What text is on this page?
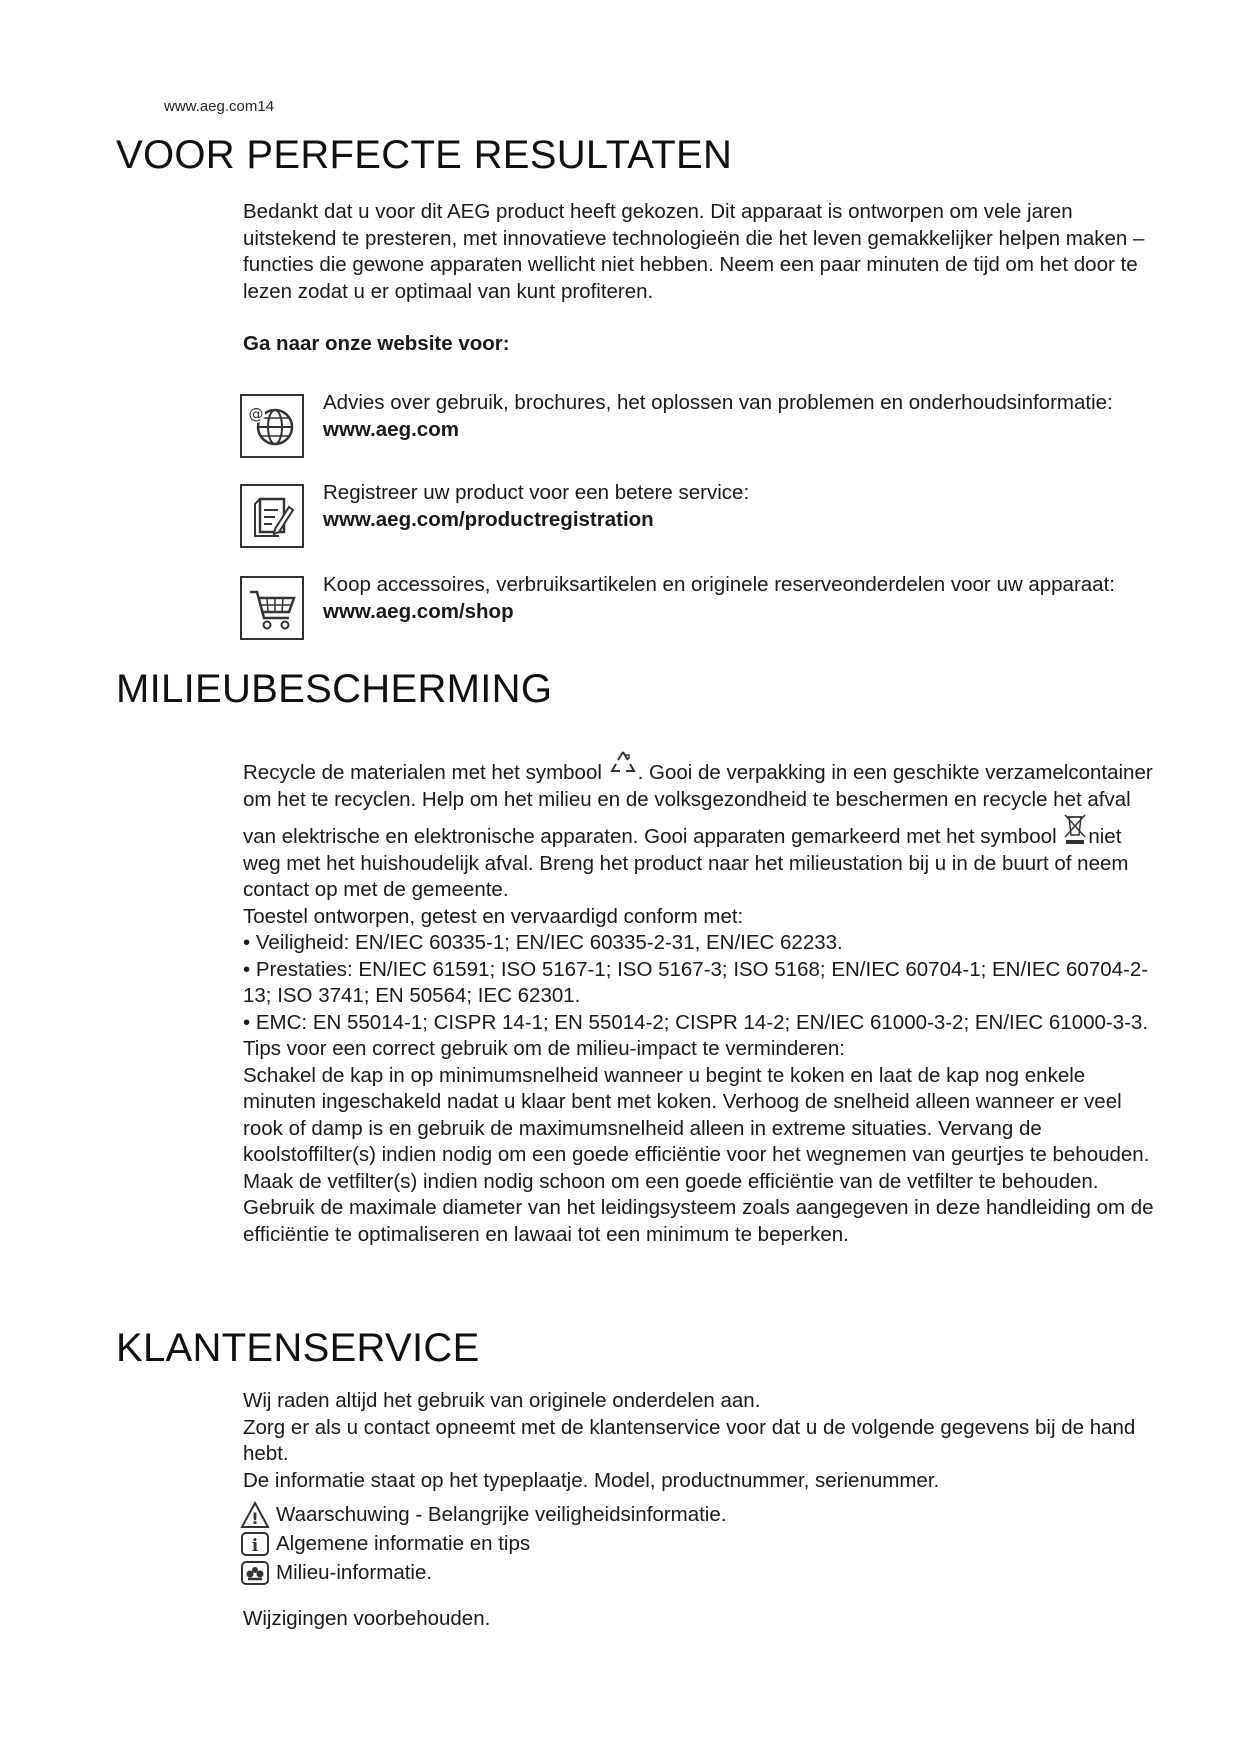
www.aeg.com14
VOOR PERFECTE RESULTATEN

Bedankt dat u voor dit AEG product heeft gekozen. Dit apparaat is ontworpen om vele jaren uitstekend te presteren, met innovatieve technologieën die het leven gemakkelijker helpen maken – functies die gewone apparaten wellicht niet hebben. Neem een paar minuten de tijd om het door te lezen zodat u er optimaal van kunt profiteren.

Ga naar onze website voor:
@	Advies over gebruik, brochures, het oplossen van problemen en onderhoudsinformatie:
www.aeg.com
Registreer uw product voor een betere service:
www.aeg.com/productregistration
Koop accessoires, verbruiksartikelen en originele reserveonderdelen voor uw apparaat:
www.aeg.com/shop
MILIEUBESCHERMING

Recycle de materialen met het symbool . Gooi de verpakking in een geschikte verzamelcontainer om het te recyclen. Help om het milieu en de volksgezondheid te beschermen en recycle het afval van elektrische en elektronische apparaten. Gooi apparaten gemarkeerd met het symbool niet weg met het huishoudelijk afval. Breng het product naar het milieustation bij u in de buurt of neem contact op met de gemeente.

Toestel ontworpen, getest en vervaardigd conform met:

• Veiligheid: EN/IEC 60335-1; EN/IEC 60335-2-31, EN/IEC 62233.

• Prestaties: EN/IEC 61591; ISO 5167-1; ISO 5167-3; ISO 5168; EN/IEC 60704-1; EN/IEC 60704-2-13; ISO 3741; EN 50564; IEC 62301.

• EMC: EN 55014-1; CISPR 14-1; EN 55014-2; CISPR 14-2; EN/IEC 61000-3-2; EN/IEC 61000-3-3.

Tips voor een correct gebruik om de milieu-impact te verminderen:

Schakel de kap in op minimumsnelheid wanneer u begint te koken en laat de kap nog enkele minuten ingeschakeld nadat u klaar bent met koken. Verhoog de snelheid alleen wanneer er veel rook of damp is en gebruik de maximumsnelheid alleen in extreme situaties. Vervang de koolstoffilter(s) indien nodig om een goede efficiëntie voor het wegnemen van geurtjes te behouden. Maak de vetfilter(s) indien nodig schoon om een goede efficiëntie van de vetfilter te behouden. Gebruik de maximale diameter van het leidingsysteem zoals aangegeven in deze handleiding om de efficiëntie te optimaliseren en lawaai tot een minimum te beperken.

KLANTENSERVICE

Wij raden altijd het gebruik van originele onderdelen aan.

Zorg er als u contact opneemt met de klantenservice voor dat u de volgende gegevens bij de hand hebt.

De informatie staat op het typeplaatje. Model, productnummer, serienummer.

! Waarschuwing - Belangrijke veiligheidsinformatie.
i Algemene informatie en tips
Milieu-informatie.
Wijzigingen voorbehouden.
